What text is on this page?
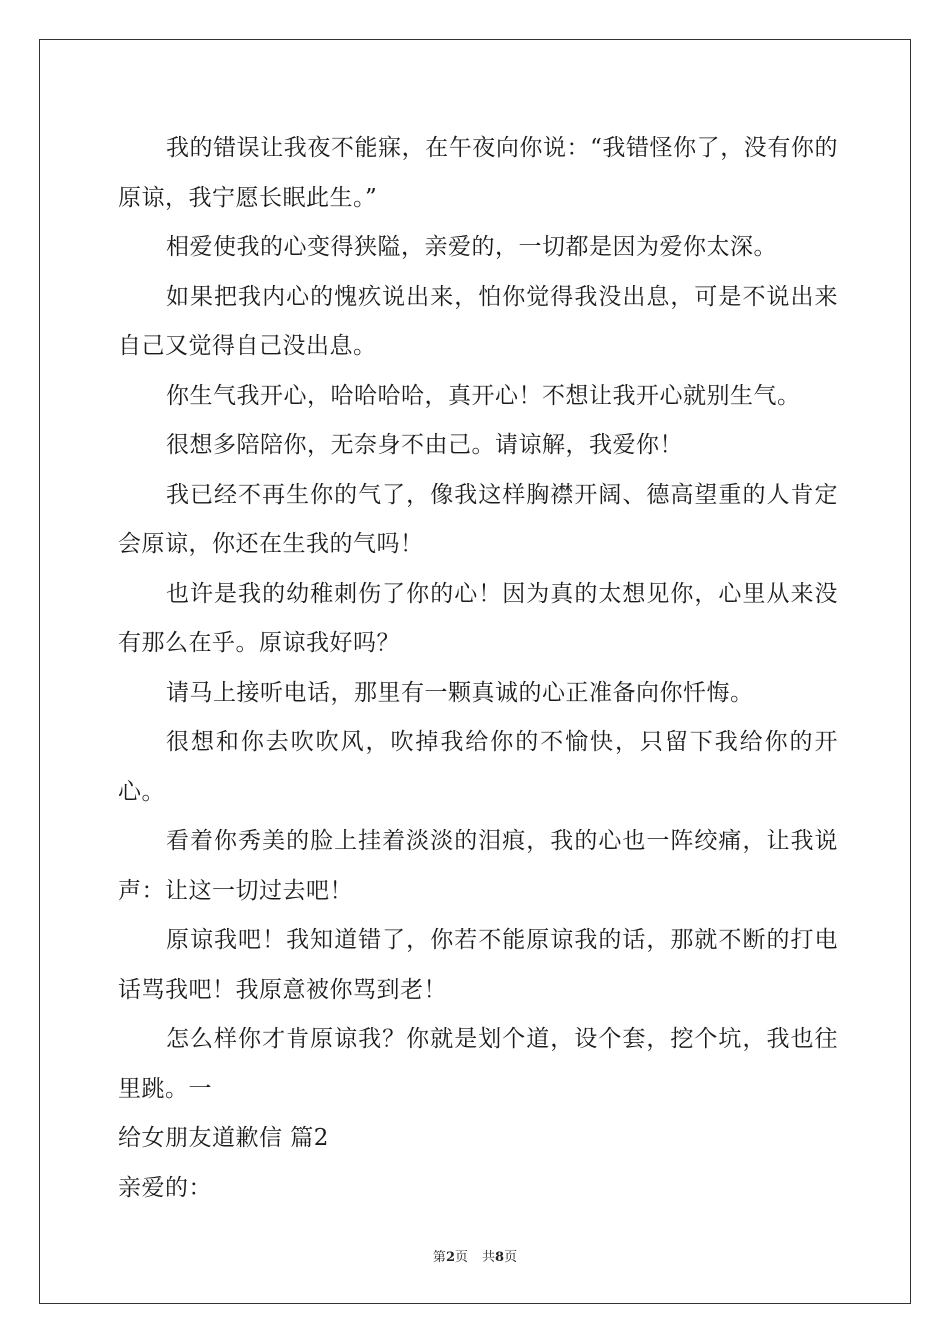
我的错误让我夜不能寐，在午夜向你说：“我错怪你了，没有你的原谅，我宁愿长眠此生。”

相爱使我的心变得狭隘，亲爱的，一切都是因为爱你太深。

如果把我内心的愧疚说出来，怕你觉得我没出息，可是不说出来自己又觉得自己没出息。

你生气我开心，哈哈哈哈，真开心！不想让我开心就别生气。

很想多陪陪你，无奈身不由己。请谅解，我爱你！

我已经不再生你的气了，像我这样胸襟开阔、德高望重的人肯定会原谅，你还在生我的气吗！

也许是我的幼稚刺伤了你的心！因为真的太想见你，心里从来没有那么在乎。原谅我好吗？

请马上接听电话，那里有一颗真诚的心正准备向你忏悔。

很想和你去吹吹风，吹掉我给你的不愉快，只留下我给你的开心。

看着你秀美的脸上挂着淡淡的泪痕，我的心也一阵绞痛，让我说声：让这一切过去吧！

原谅我吧！我知道错了，你若不能原谅我的话，那就不断的打电话骂我吧！我原意被你骂到老！

怎么样你才肯原谅我？你就是划个道，设个套，挖个坑，我也往里跳。一

给女朋友道歉信 篇2

亲爱的：

第2页 共8页
